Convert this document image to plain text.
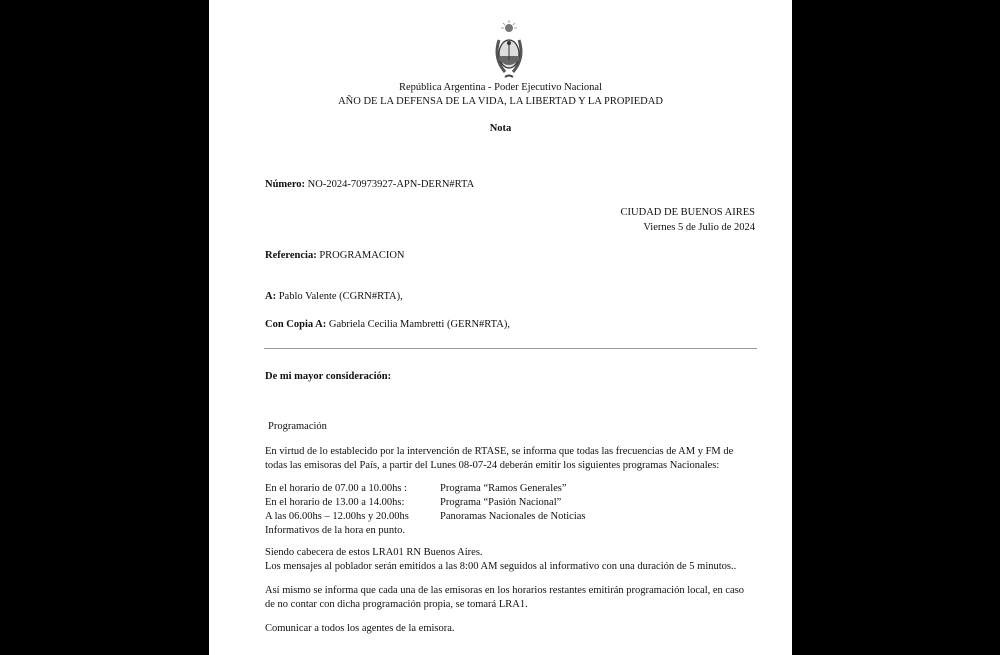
República Argentina - Poder Ejecutivo Nacional
AÑO DE LA DEFENSA DE LA VIDA, LA LIBERTAD Y LA PROPIEDAD
Nota
Número: NO-2024-70973927-APN-DERN#RTA
CIUDAD DE BUENOS AIRES
Viernes 5 de Julio de 2024
Referencia: PROGRAMACION
A: Pablo Valente (CGRN#RTA),
Con Copia A: Gabriela Cecilia Mambretti (GERN#RTA),
De mi mayor consideración:
Programación
En virtud de lo establecido por la intervención de RTASE, se informa que todas las frecuencias de AM y FM de
todas las emisoras del País, a partir del Lunes 08-07-24 deberán emitir los siguientes programas Nacionales:
En el horario de 07.00 a 10.00hs :	Programa “Ramos Generales”
En el horario de 13.00 a 14.00hs:	Programa “Pasión Nacional”
A las 06.00hs – 12.00hs y 20.00hs	Panoramas Nacionales de Noticias
Informativos de la hora en punto.
Siendo cabecera de estos LRA01 RN Buenos Aires.
Los mensajes al poblador serán emitidos a las 8:00 AM seguidos al informativo con una duración de 5 minutos..
Así mismo se informa que cada una de las emisoras en los horarios restantes emitirán programación local, en caso
de no contar con dicha programación propia, se tomará LRA1.
Comunicar a todos los agentes de la emisora.
